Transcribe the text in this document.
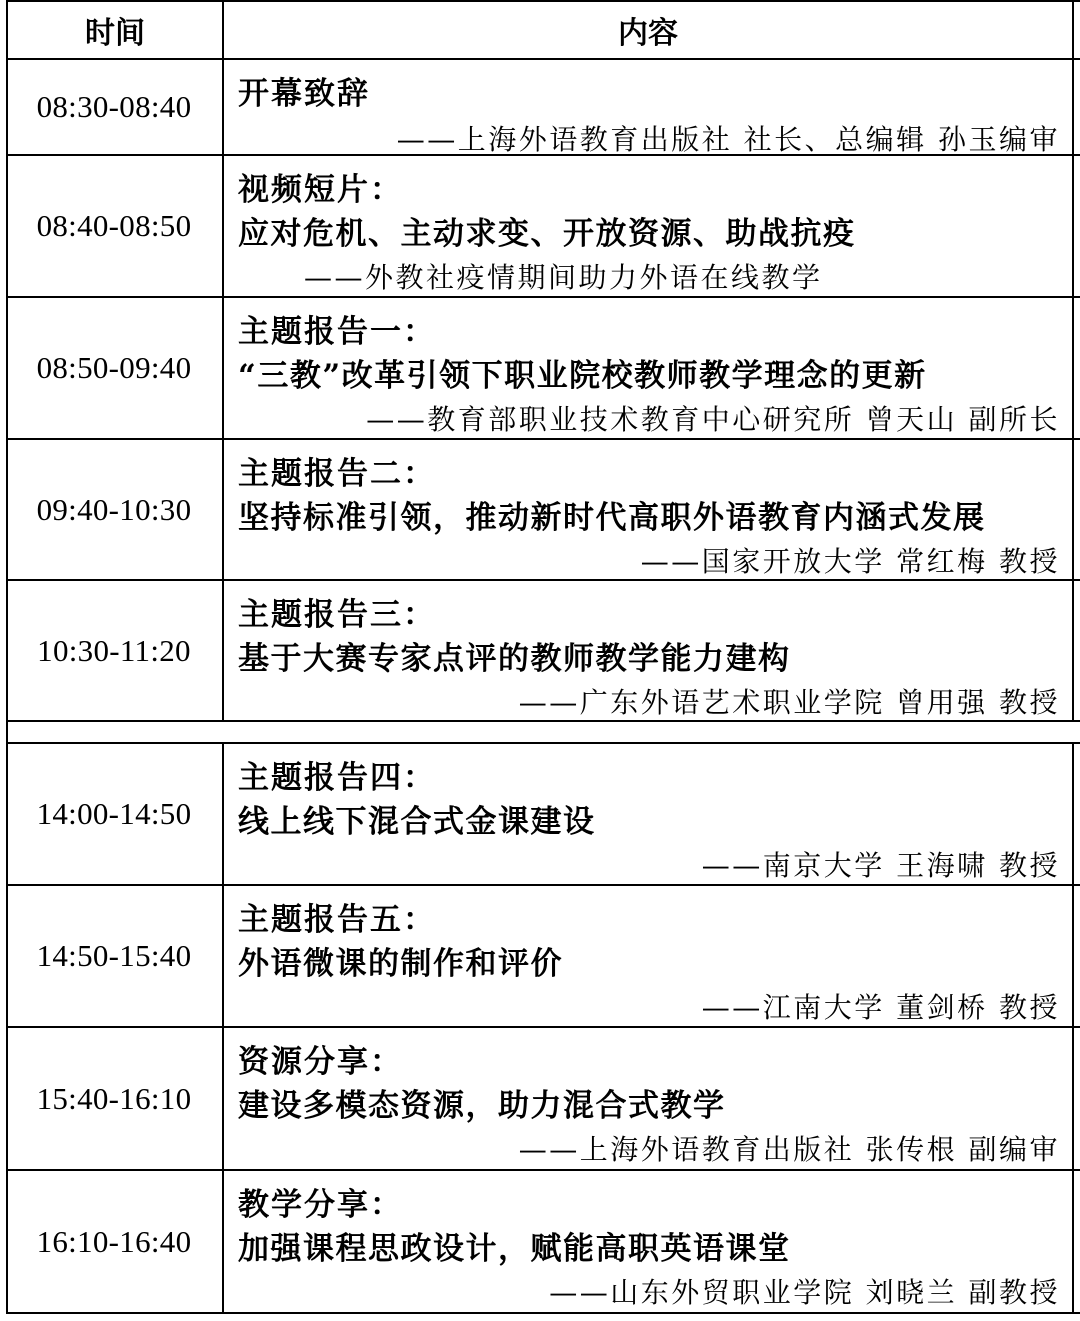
时间	内容
08:30-08:40	开幕致辞
——上海外语教育出版社 社长、总编辑 孙玉编审
08:40-08:50
视频短片：
应对危机、主动求变、开放资源、助战抗疫
——外教社疫情期间助力外语在线教学
08:50-09:40
主题报告一：
“三教”改革引领下职业院校教师教学理念的更新
——教育部职业技术教育中心研究所 曾天山 副所长
09:40-10:30
主题报告二：
坚持标准引领，推动新时代高职外语教育内涵式发展
——国家开放大学 常红梅 教授
10:30-11:20
主题报告三：
基于大赛专家点评的教师教学能力建构
——广东外语艺术职业学院 曾用强 教授
14:00-14:50
主题报告四：
线上线下混合式金课建设
——南京大学 王海啸 教授
14:50-15:40
主题报告五：
外语微课的制作和评价
——江南大学 董剑桥 教授
15:40-16:10
资源分享：
建设多模态资源，助力混合式教学
——上海外语教育出版社 张传根 副编审
16:10-16:40
教学分享：
加强课程思政设计，赋能高职英语课堂
——山东外贸职业学院 刘晓兰 副教授
